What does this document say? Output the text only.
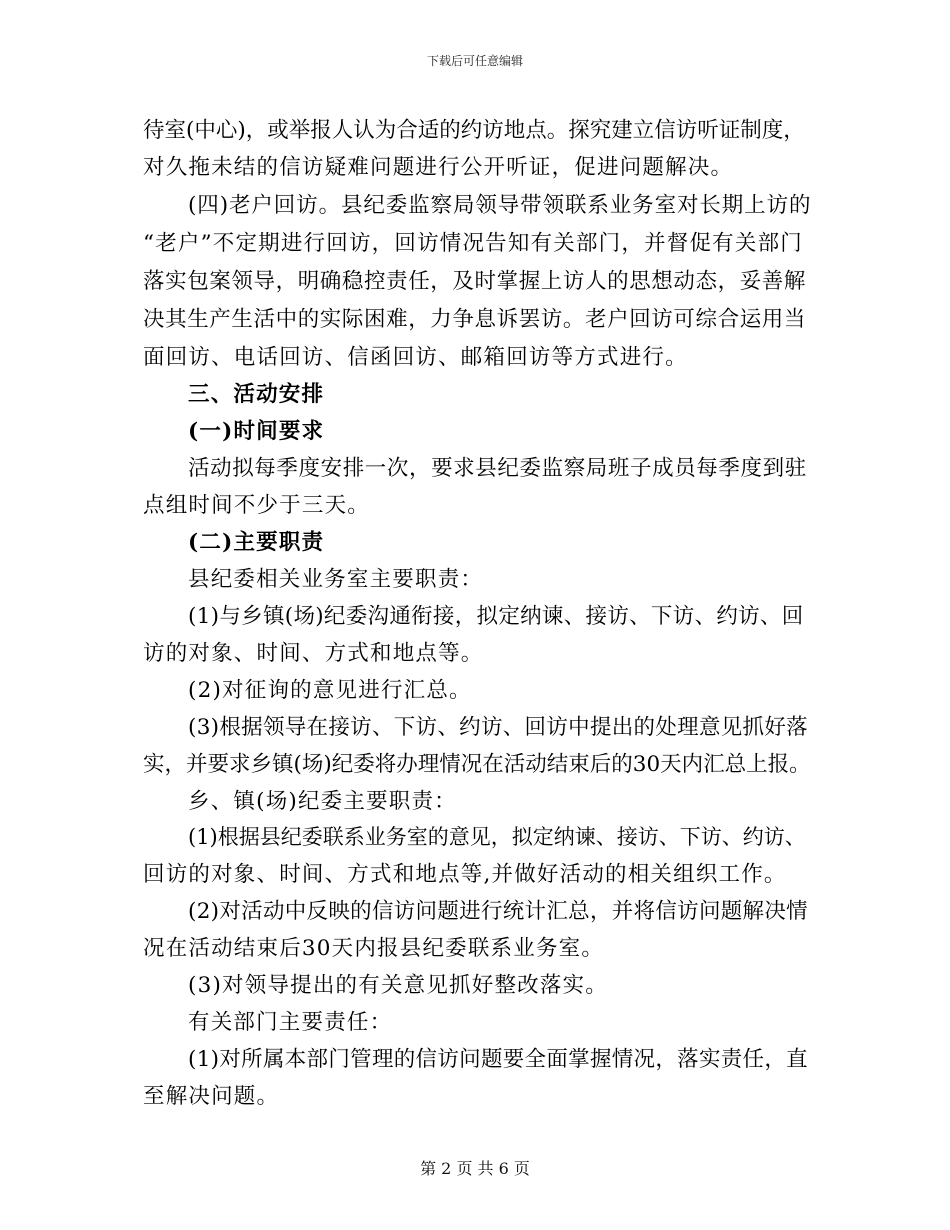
下载后可任意编辑
待室(中心)，或举报人认为合适的约访地点。探究建立信访听证制度，
对久拖未结的信访疑难问题进行公开听证，促进问题解决。
(四)老户回访。县纪委监察局领导带领联系业务室对长期上访的
“老户”不定期进行回访，回访情况告知有关部门，并督促有关部门
落实包案领导，明确稳控责任，及时掌握上访人的思想动态，妥善解
决其生产生活中的实际困难，力争息诉罢访。老户回访可综合运用当
面回访、电话回访、信函回访、邮箱回访等方式进行。
三、活动安排
(一)时间要求
活动拟每季度安排一次，要求县纪委监察局班子成员每季度到驻
点组时间不少于三天。
(二)主要职责
县纪委相关业务室主要职责：
(1)与乡镇(场)纪委沟通衔接，拟定纳谏、接访、下访、约访、回
访的对象、时间、方式和地点等。
(2)对征询的意见进行汇总。
(3)根据领导在接访、下访、约访、回访中提出的处理意见抓好落
实，并要求乡镇(场)纪委将办理情况在活动结束后的30天内汇总上报。
乡、镇(场)纪委主要职责：
(1)根据县纪委联系业务室的意见，拟定纳谏、接访、下访、约访、
回访的对象、时间、方式和地点等,并做好活动的相关组织工作。
(2)对活动中反映的信访问题进行统计汇总，并将信访问题解决情
况在活动结束后30天内报县纪委联系业务室。
(3)对领导提出的有关意见抓好整改落实。
有关部门主要责任：
(1)对所属本部门管理的信访问题要全面掌握情况，落实责任，直
至解决问题。
第 2 页 共 6 页
